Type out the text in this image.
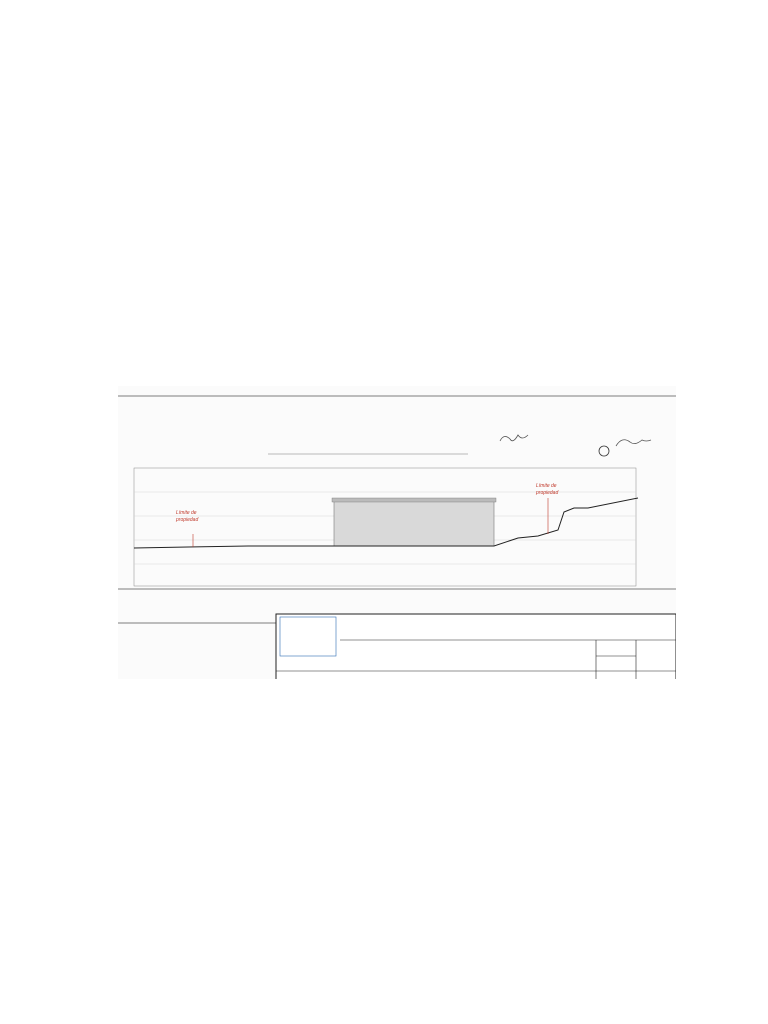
Límite de
propiedad
Límite de
propiedad
